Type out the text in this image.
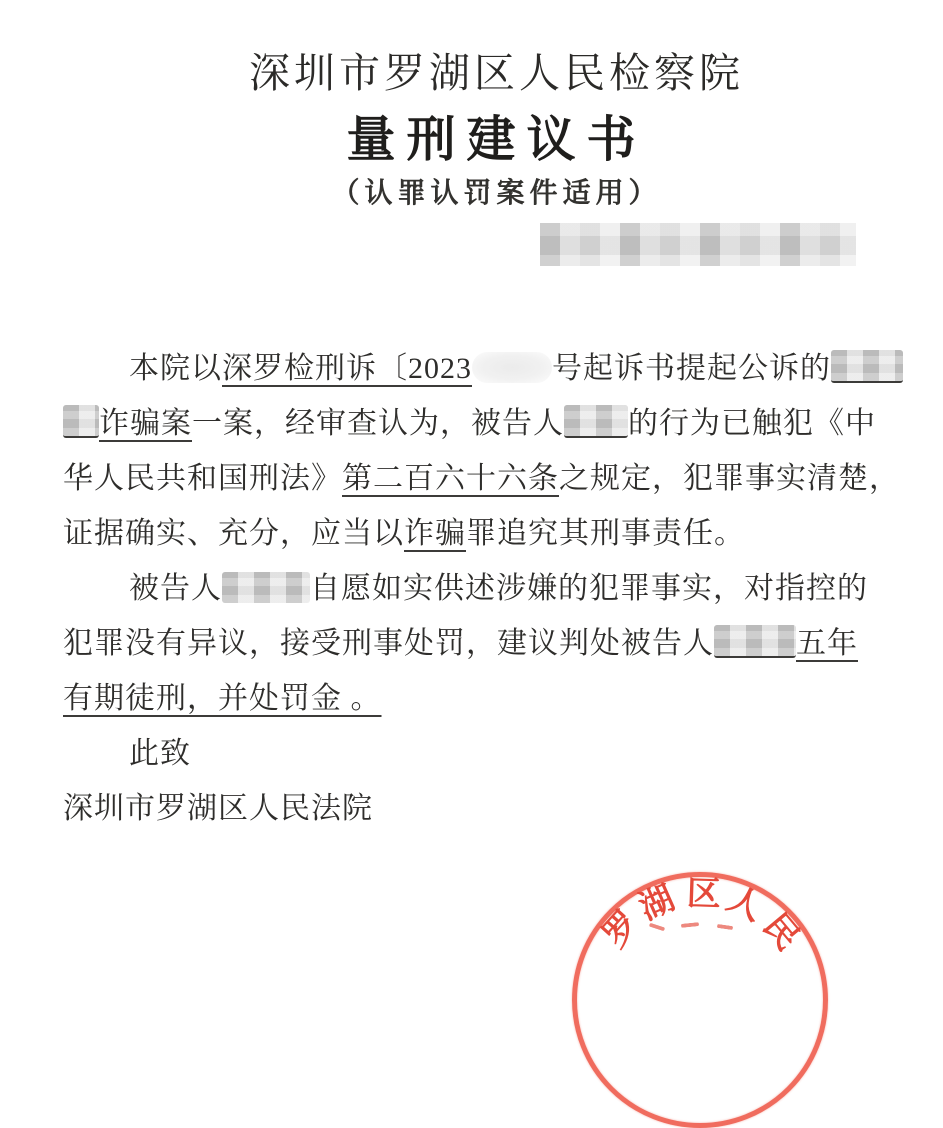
深圳市罗湖区人民检察院
量刑建议书
（认罪认罚案件适用）
本院以深罗检刑诉〔2023	号起诉书提起公诉的
诈骗案一案，经审查认为，被告人 的行为已触犯《中
华人民共和国刑法》第二百六十六条之规定，犯罪事实清楚，
证据确实、充分，应当以诈骗罪追究其刑事责任。
被告人	自愿如实供述涉嫌的犯罪事实，对指控的
犯罪没有异议，接受刑事处罚，建议判处被告人	五年
有期徒刑，并处罚金 。
此致
深圳市罗湖区人民法院
罗
湖 区 人
民
